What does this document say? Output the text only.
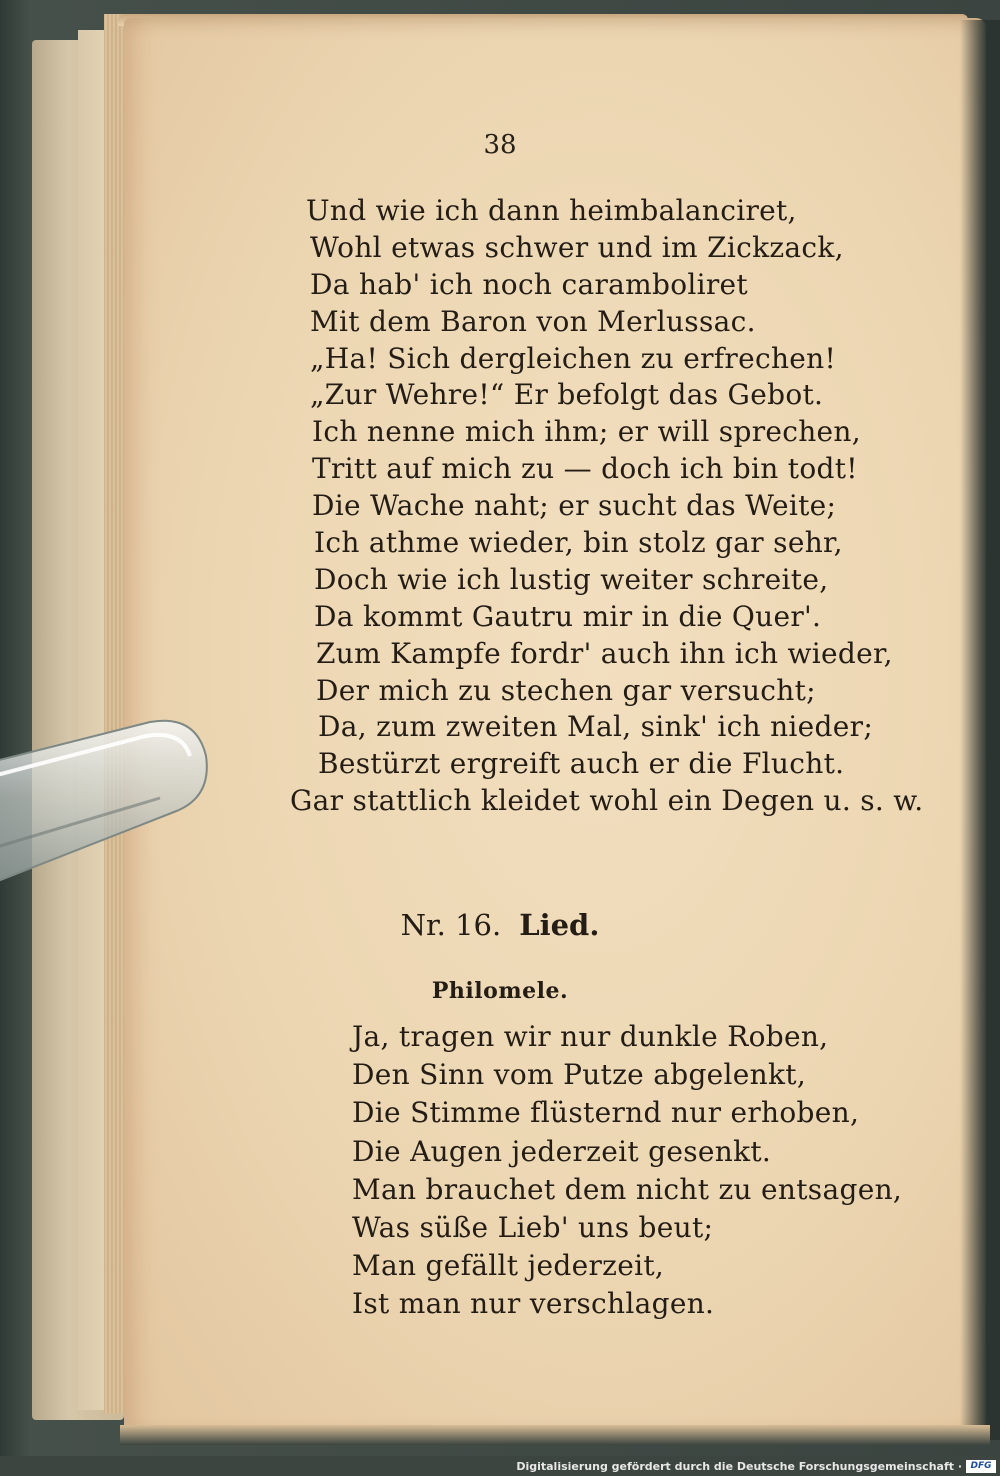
38
Und wie ich dann heimbalanciret,
Wohl etwas schwer und im Zickzack,
Da hab' ich noch caramboliret
Mit dem Baron von Merlussac.
„Ha! Sich dergleichen zu erfrechen!
„Zur Wehre!“ Er befolgt das Gebot.
Ich nenne mich ihm; er will sprechen,
Tritt auf mich zu — doch ich bin todt!
Die Wache naht; er sucht das Weite;
Ich athme wieder, bin stolz gar sehr,
Doch wie ich lustig weiter schreite,
Da kommt Gautru mir in die Quer'.
Zum Kampfe fordr' auch ihn ich wieder,
Der mich zu stechen gar versucht;
Da, zum zweiten Mal, sink' ich nieder;
Bestürzt ergreift auch er die Flucht.
Gar stattlich kleidet wohl ein Degen u. s. w.
Nr. 16. Lied.
Philomele.
Ja, tragen wir nur dunkle Roben,
Den Sinn vom Putze abgelenkt,
Die Stimme flüsternd nur erhoben,
Die Augen jederzeit gesenkt.
Man brauchet dem nicht zu entsagen,
Was süße Lieb' uns beut;
Man gefällt jederzeit,
Ist man nur verschlagen.
Digitalisierung gefördert durch die Deutsche Forschungsgemeinschaft · DFG
